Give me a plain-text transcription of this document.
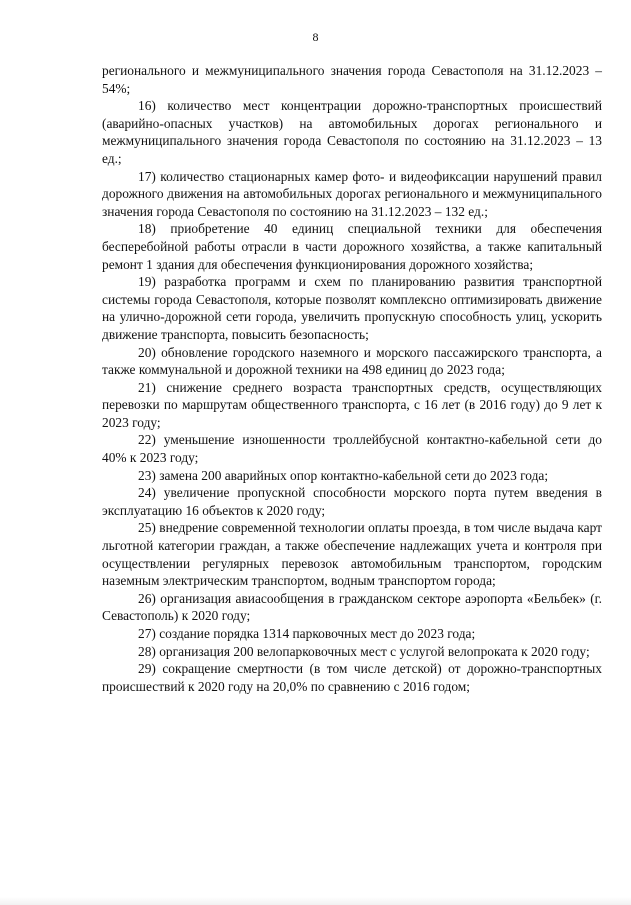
8

регионального и межмуниципального значения города Севастополя на 31.12.2023 – 54%;

16) количество мест концентрации дорожно-транспортных происшествий (аварийно-опасных участков) на автомобильных дорогах регионального и межмуниципального значения города Севастополя по состоянию на 31.12.2023 – 13 ед.;

17) количество стационарных камер фото- и видеофиксации нарушений правил дорожного движения на автомобильных дорогах регионального и межмуниципального значения города Севастополя по состоянию на 31.12.2023 – 132 ед.;

18) приобретение 40 единиц специальной техники для обеспечения бесперебойной работы отрасли в части дорожного хозяйства, а также капитальный ремонт 1 здания для обеспечения функционирования дорожного хозяйства;

19) разработка программ и схем по планированию развития транспортной системы города Севастополя, которые позволят комплексно оптимизировать движение на улично-дорожной сети города, увеличить пропускную способность улиц, ускорить движение транспорта, повысить безопасность;

20) обновление городского наземного и морского пассажирского транспорта, а также коммунальной и дорожной техники на 498 единиц до 2023 года;

21) снижение среднего возраста транспортных средств, осуществляющих перевозки по маршрутам общественного транспорта, с 16 лет (в 2016 году) до 9 лет к 2023 году;

22) уменьшение изношенности троллейбусной контактно-кабельной сети до 40% к 2023 году;

23) замена 200 аварийных опор контактно-кабельной сети до 2023 года;

24) увеличение пропускной способности морского порта путем введения в эксплуатацию 16 объектов к 2020 году;

25) внедрение современной технологии оплаты проезда, в том числе выдача карт льготной категории граждан, а также обеспечение надлежащих учета и контроля при осуществлении регулярных перевозок автомобильным транспортом, городским наземным электрическим транспортом, водным транспортом города;

26) организация авиасообщения в гражданском секторе аэропорта «Бельбек» (г. Севастополь) к 2020 году;

27) создание порядка 1314 парковочных мест до 2023 года;

28) организация 200 велопарковочных мест с услугой велопроката к 2020 году;

29) сокращение смертности (в том числе детской) от дорожно-транспортных происшествий к 2020 году на 20,0% по сравнению с 2016 годом;
